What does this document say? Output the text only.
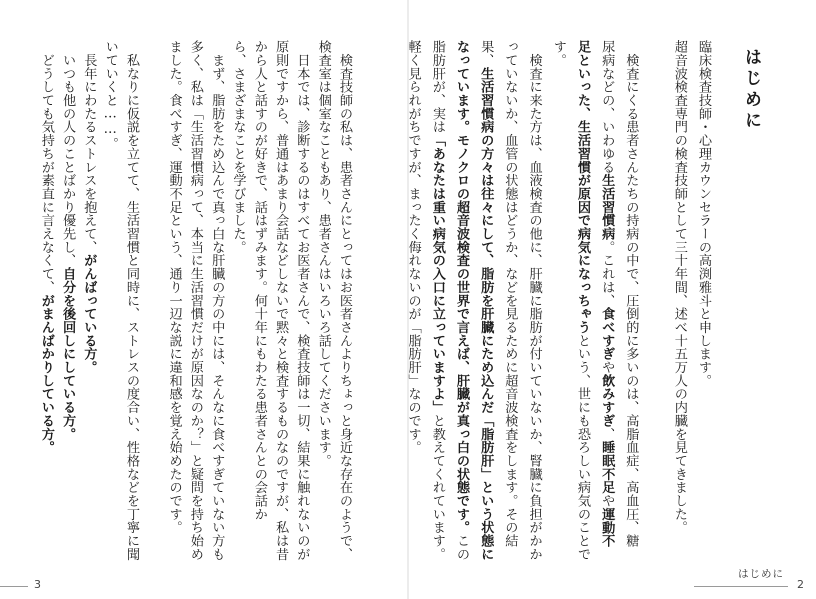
はじめに
臨床検査技師・心理カウンセラーの高渕雅斗と申します。
超音波検査専門の検査技師として三十年間、述べ十五万人の内臓を見てきました。
　検査にくる患者さんたちの持病の中で、圧倒的に多いのは、高脂血症、高血圧、糖
尿病などの、いわゆる生活習慣病。これは、食べすぎや飲みすぎ、睡眠不足や運動不
足といった、生活習慣が原因で病気になっちゃうという、世にも恐ろしい病気のことで
す。
　検査に来た方は、血液検査の他に、肝臓に脂肪が付いていないか、腎臓に負担がかか
っていないか、血管の状態はどうか、などを見るために超音波検査をします。その結
果、生活習慣病の方々は往々にして、脂肪を肝臓にため込んだ「脂肪肝」という状態に
なっています。モノクロの超音波検査の世界で言えば、肝臓が真っ白の状態です。この
脂肪肝が、実は「あなたは重い病気の入口に立っていますよ」と教えてくれています。
軽く見られがちですが、まったく侮れないのが「脂肪肝」なのです。
　検査技師の私は、患者さんにとってはお医者さんよりちょっと身近な存在のようで、
検査室は個室なこともあり、患者さんはいろいろ話してくださいます。
　日本では、診断するのはすべてお医者さんで、検査技師は一切、結果に触れないのが
原則ですから、普通はあまり会話などしないで黙々と検査するものなのですが、私は昔
から人と話すのが好きで、話はずみます。何十年にもわたる患者さんとの会話か
ら、さまざまなことを学びました。
　まず、脂肪をため込んで真っ白な肝臓の方の中には、そんなに食べすぎていない方も
多く、私は「生活習慣病って、本当に生活習慣だけが原因なのか？」と疑問を持ち始め
ました。食べすぎ、運動不足という、通り一辺な説に違和感を覚え始めたのです。
　私なりに仮説を立てて、生活習慣と同時に、ストレスの度合い、性格などを丁寧に聞
いていくと……。
　長年にわたるストレスを抱えて、がんばっている方。
　いつも他の人のことばかり優先し、自分を後回しにしている方。
　どうしても気持ちが素直に言えなくて、がまんばかりしている方。
はじめに
2
3
